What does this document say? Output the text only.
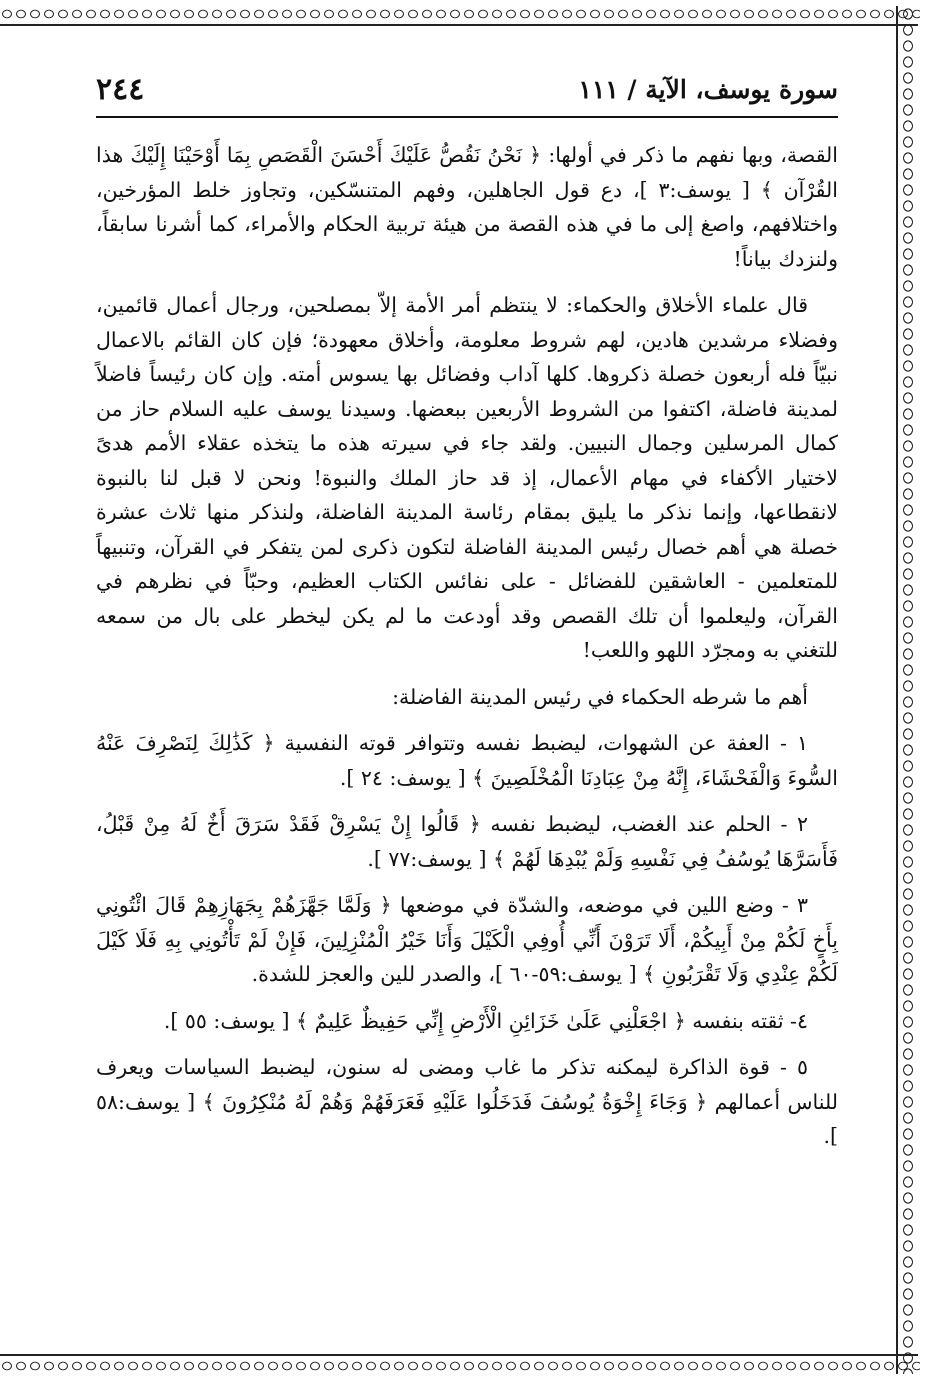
سورة يوسف، الآية / ١١١
٢٤٤

القصة، وبها نفهم ما ذكر في أولها: ﴿ نَحْنُ نَقُصُّ عَلَيْكَ أَحْسَنَ الْقَصَصِ بِمَا أَوْحَيْنَا إِلَيْكَ هذا القُرْآن ﴾ [ يوسف:٣ ]، دع قول الجاهلين، وفهم المتنسّكين، وتجاوز خلط المؤرخين، واختلافهم، واصغ إلى ما في هذه القصة من هيئة تربية الحكام والأمراء، كما أشرنا سابقاً، ولنزدك بياناً!

قال علماء الأخلاق والحكماء: لا ينتظم أمر الأمة إلاّ بمصلحين، ورجال أعمال قائمين، وفضلاء مرشدين هادين، لهم شروط معلومة، وأخلاق معهودة؛ فإن كان القائم بالاعمال نبيّاً فله أربعون خصلة ذكروها. كلها آداب وفضائل بها يسوس أمته. وإن كان رئيساً فاضلاً لمدينة فاضلة، اكتفوا من الشروط الأربعين ببعضها. وسيدنا يوسف عليه السلام حاز من كمال المرسلين وجمال النبيين. ولقد جاء في سيرته هذه ما يتخذه عقلاء الأمم هدىً لاختيار الأكفاء في مهام الأعمال، إذ قد حاز الملك والنبوة! ونحن لا قبل لنا بالنبوة لانقطاعها، وإنما نذكر ما يليق بمقام رئاسة المدينة الفاضلة، ولنذكر منها ثلاث عشرة خصلة هي أهم خصال رئيس المدينة الفاضلة لتكون ذكرى لمن يتفكر في القرآن، وتنبيهاً للمتعلمين - العاشقين للفضائل - على نفائس الكتاب العظيم، وحبّاً في نظرهم في القرآن، وليعلموا أن تلك القصص وقد أودعت ما لم يكن ليخطر على بال من سمعه للتغني به ومجرّد اللهو واللعب!

أهم ما شرطه الحكماء في رئيس المدينة الفاضلة:

١ - العفة عن الشهوات، ليضبط نفسه وتتوافر قوته النفسية ﴿ كَذَٰلِكَ لِنَصْرِفَ عَنْهُ السُّوءَ وَالْفَحْشَاءَ، إِنَّهُ مِنْ عِبَادِنَا الْمُخْلَصِينَ ﴾ [ يوسف: ٢٤ ].

٢ - الحلم عند الغضب، ليضبط نفسه ﴿ قَالُوا إِنْ يَسْرِقْ فَقَدْ سَرَقَ أَخٌ لَهُ مِنْ قَبْلُ، فَأَسَرَّهَا يُوسُفُ فِي نَفْسِهِ وَلَمْ يُبْدِهَا لَهُمْ ﴾ [ يوسف:٧٧ ].

٣ - وضع اللين في موضعه، والشدّة في موضعها ﴿ وَلَمَّا جَهَّزَهُمْ بِجَهَازِهِمْ قَالَ ائْتُونِي بِأَخٍ لَكُمْ مِنْ أَبِيكُمْ، أَلَا تَرَوْنَ أَنِّي أُوفِي الْكَيْلَ وَأَنَا خَيْرُ الْمُنْزِلِينَ، فَإِنْ لَمْ تَأْتُونِي بِهِ فَلَا كَيْلَ لَكُمْ عِنْدِي وَلَا تَقْرَبُونِ ﴾ [ يوسف:٥٩-٦٠ ]، والصدر للين والعجز للشدة.

٤- ثقته بنفسه ﴿ اجْعَلْنِي عَلَىٰ خَزَائِنِ الْأَرْضِ إِنِّي حَفِيظٌ عَلِيمٌ ﴾ [ يوسف: ٥٥ ].

٥ - قوة الذاكرة ليمكنه تذكر ما غاب ومضى له سنون، ليضبط السياسات ويعرف للناس أعمالهم ﴿ وَجَاءَ إِخْوَةُ يُوسُفَ فَدَخَلُوا عَلَيْهِ فَعَرَفَهُمْ وَهُمْ لَهُ مُنْكِرُونَ ﴾ [ يوسف:٥٨ ].
